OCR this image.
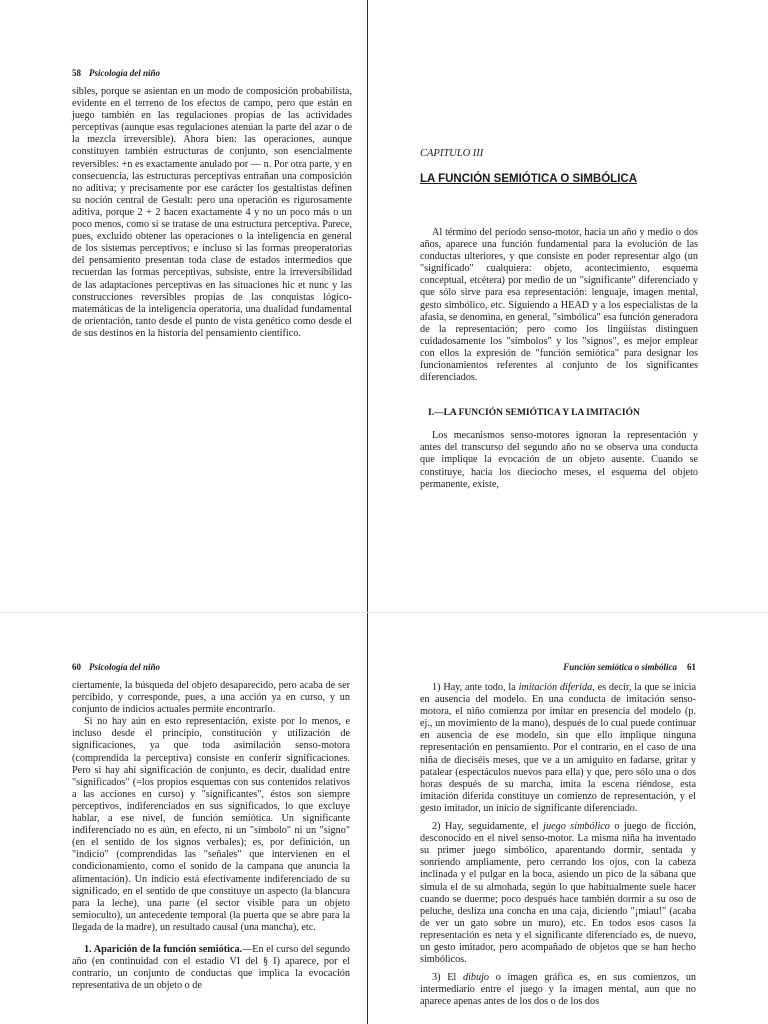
58 Psicología del niño

sibles, porque se asientan en un modo de composición probabilista, evidente en el terreno de los efectos de campo, pero que están en juego también en las regulaciones propias de las actividades perceptivas (aunque esas regulaciones atenúan la parte del azar o de la mezcla irreversible). Ahora bien: las operaciones, aunque constituyen también estructuras de conjunto, son esencialmente reversibles: +n es exactamente anulado por — n. Por otra parte, y en consecuencia, las estructuras perceptivas entrañan una composición no aditiva; y precisamente por ese carácter los gestaltistas definen su noción central de Gestalt: pero una operación es rigurosamente aditiva, porque 2 + 2 hacen exactamente 4 y no un poco más o un poco menos, como si se tratase de una estructura perceptiva. Parece, pues, excluido obtener las operaciones o la inteligencia en general de los sistemas perceptivos; e incluso si las formas preoperatorias del pensamiento presentan toda clase de estados intermedios que recuerdan las formas perceptivas, subsiste, entre la irreversibilidad de las adaptaciones perceptivas en las situaciones hic et nunc y las construcciones reversibles propias de las conquistas lógico-matemáticas de la inteligencia operatoria, una dualidad fundamental de orientación, tanto desde el punto de vista genético como desde el de sus destinos en la historia del pensamiento científico.

CAPITULO III
LA FUNCIÓN SEMIÓTICA O SIMBÓLICA

Al término del período senso-motor, hacia un año y medio o dos años, aparece una función fundamental para la evolución de las conductas ulteriores, y que consiste en poder representar algo (un "significado" cualquiera: objeto, acontecimiento, esquema conceptual, etcétera) por medio de un "significante" diferenciado y que sólo sirve para esa representación: lenguaje, imagen mental, gesto simbólico, etc. Siguiendo a HEAD y a los especialistas de la afasia, se denomina, en general, "simbólica" esa función generadora de la representación; pero como los lingüistas distinguen cuidadosamente los "símbolos" y los "signos", es mejor emplear con ellos la expresión de "función semiótica" para designar los funcionamientos referentes al conjunto de los significantes diferenciados.

I.—LA FUNCIÓN SEMIÓTICA Y LA IMITACIÓN

Los mecanismos senso-motores ignoran la representación y antes del transcurso del segundo año no se observa una conducta que implique la evocación de un objeto ausente. Cuando se constituye, hacia los dieciocho meses, el esquema del objeto permanente, existe,

60 Psicología del niño

ciertamente, la búsqueda del objeto desaparecido, pero acaba de ser percibido, y corresponde, pues, a una acción ya en curso, y un conjunto de indicios actuales permite encontrarlo.

Si no hay aún en esto representación, existe por lo menos, e incluso desde el principio, constitución y utilización de significaciones, ya que toda asimilación senso-motora (comprendida la perceptiva) consiste en conferir significaciones. Pero si hay ahí significación de conjunto, es decir, dualidad entre "significados" (=los propios esquemas con sus contenidos relativos a las acciones en curso) y "significantes", éstos son siempre perceptivos, indiferenciados en sus significados, lo que excluye hablar, a ese nivel, de función semiótica. Un significante indiferenciado no es aún, en efecto, ni un "símbolo" ni un "signo" (en el sentido de los signos verbales); es, por definición, un "indicio" (comprendidas las "señales" que intervienen en el condicionamiento, como el sonido de la campana que anuncia la alimentación). Un indicio está efectivamente indiferenciado de su significado, en el sentido de que constituye un aspecto (la blancura para la leche), una parte (el sector visible para un objeto semioculto), un antecedente temporal (la puerta que se abre para la llegada de la madre), un resultado causal (una mancha), etc.

1. Aparición de la función semiótica.—En el curso del segundo año (en continuidad con el estadio VI del § I) aparece, por el contrario, un conjunto de conductas que implica la evocación representativa de un objeto o de

Función semiótica o simbólica 61

1) Hay, ante todo, la imitación diferida, es decir, la que se inicia en ausencia del modelo. En una conducta de imitación senso-motora, el niño comienza por imitar en presencia del modelo (p. ej., un movimiento de la mano), después de lo cual puede continuar en ausencia de ese modelo, sin que ello implique ninguna representación en pensamiento. Por el contrario, en el caso de una niña de dieciséis meses, que ve a un amiguito en fadarse, gritar y patalear (espectáculos nuevos para ella) y que, pero sólo una o dos horas después de su marcha, imita la escena riéndose, esta imitación diferida constituye un comienzo de representación, y el gesto imitador, un inicio de significante diferenciado.

2) Hay, seguidamente, el juego simbólico o juego de ficción, desconocido en el nivel senso-motor. La misma niña ha inventado su primer juego simbólico, aparentando dormir, sentada y sonriendo ampliamente, pero cerrando los ojos, con la cabeza inclinada y el pulgar en la boca, asiendo un pico de la sábana que simula el de su almohada, según lo que habitualmente suele hacer cuando se duerme; poco después hace también dormir a su oso de peluche, desliza una concha en una caja, diciendo "¡miau!" (acaba de ver un gato sobre un muro), etc. En todos esos casos la representación es neta y el significante diferenciado es, de nuevo, un gesto imitador, pero acompañado de objetos que se han hecho simbólicos.

3) El dibujo o imagen gráfica es, en sus comienzos, un intermediario entre el juego y la imagen mental, aun que no aparece apenas antes de los dos o de los dos
